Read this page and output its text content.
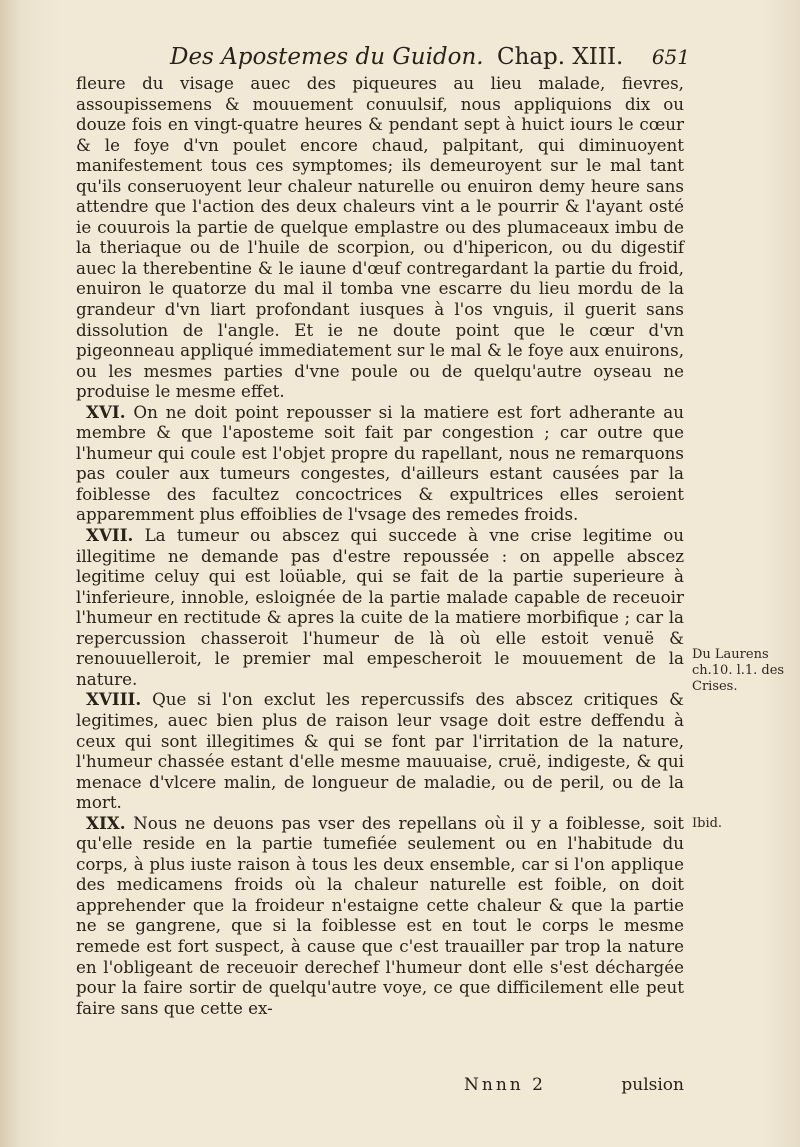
Des Apostemes du Guidon. Chap. XIII. 651

fleure du visage auec des piqueures au lieu malade, fievres, assoupissemens & mouuement conuulsif, nous appliquions dix ou douze fois en vingt-quatre heures & pendant sept à huict iours le cœur & le foye d'vn poulet encore chaud, palpitant, qui diminuoyent manifestement tous ces symptomes; ils demeuroyent sur le mal tant qu'ils conseruoyent leur chaleur naturelle ou enuiron demy heure sans attendre que l'action des deux chaleurs vint a le pourrir & l'ayant osté ie couurois la partie de quelque emplastre ou des plumaceaux imbu de la theriaque ou de l'huile de scorpion, ou d'hipericon, ou du digestif auec la therebentine & le iaune d'œuf contregardant la partie du froid, enuiron le quatorze du mal il tomba vne escarre du lieu mordu de la grandeur d'vn liart profondant iusques à l'os vnguis, il guerit sans dissolution de l'angle. Et ie ne doute point que le cœur d'vn pigeonneau appliqué immediatement sur le mal & le foye aux enuirons, ou les mesmes parties d'vne poule ou de quelqu'autre oyseau ne produise le mesme effet.

XVI. On ne doit point repousser si la matiere est fort adherante au membre & que l'aposteme soit fait par congestion ; car outre que l'humeur qui coule est l'objet propre du rapellant, nous ne remarquons pas couler aux tumeurs congestes, d'ailleurs estant causées par la foiblesse des facultez concoctrices & expultrices elles seroient apparemment plus effoiblies de l'vsage des remedes froids.

XVII. La tumeur ou abscez qui succede à vne crise legitime ou illegitime ne demande pas d'estre repoussée : on appelle abscez legitime celuy qui est loüable, qui se fait de la partie superieure à l'inferieure, innoble, esloignée de la partie malade capable de receuoir l'humeur en rectitude & apres la cuite de la matiere morbifique ; car la repercussion chasseroit l'humeur de là où elle estoit venuë & renouuelleroit, le premier mal empescheroit le mouuement de la nature.

XVIII. Que si l'on exclut les repercussifs des abscez critiques & legitimes, auec bien plus de raison leur vsage doit estre deffendu à ceux qui sont illegitimes & qui se font par l'irritation de la nature, l'humeur chassée estant d'elle mesme mauuaise, cruë, indigeste, & qui menace d'vlcere malin, de longueur de maladie, ou de peril, ou de la mort.

XIX. Nous ne deuons pas vser des repellans où il y a foiblesse, soit qu'elle reside en la partie tumefiée seulement ou en l'habitude du corps, à plus iuste raison à tous les deux ensemble, car si l'on applique des medicamens froids où la chaleur naturelle est foible, on doit apprehender que la froideur n'estaigne cette chaleur & que la partie ne se gangrene, que si la foiblesse est en tout le corps le mesme remede est fort suspect, à cause que c'est trauailler par trop la nature en l'obligeant de receuoir derechef l'humeur dont elle s'est déchargée pour la faire sortir de quelqu'autre voye, ce que difficilement elle peut faire sans que cette ex-

Du Laurens ch.10. l.1. des Crises.
Ibid.
Nnnn 2	pulsion
